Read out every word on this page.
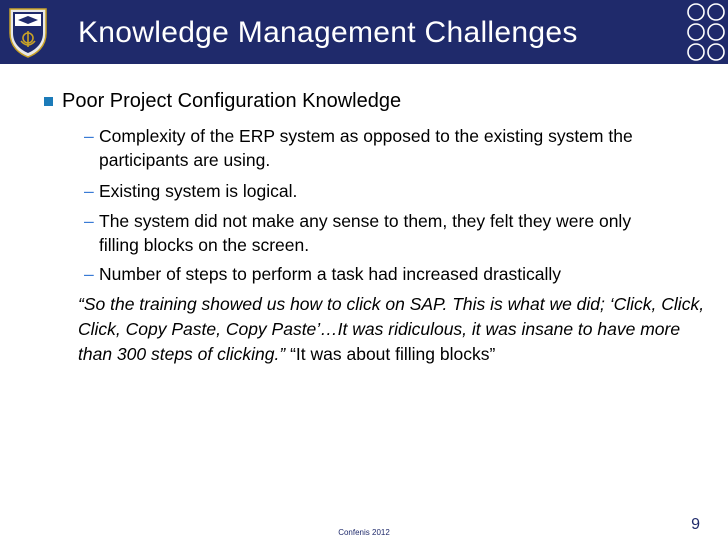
Knowledge Management Challenges
Poor Project Configuration Knowledge
– Complexity of the ERP system as opposed to the existing system the
participants are using.
– Existing system is logical.
– The system did not make any sense to them, they felt they were only
filling blocks on the screen.
– Number of steps to perform a task had increased drastically
“So the training showed us how to click on SAP. This is what we did; ‘Click, Click, Click, Copy Paste, Copy Paste’…It was ridiculous, it was insane to have more than 300 steps of clicking.” “It was about filling blocks”
9
Confenis 2012
